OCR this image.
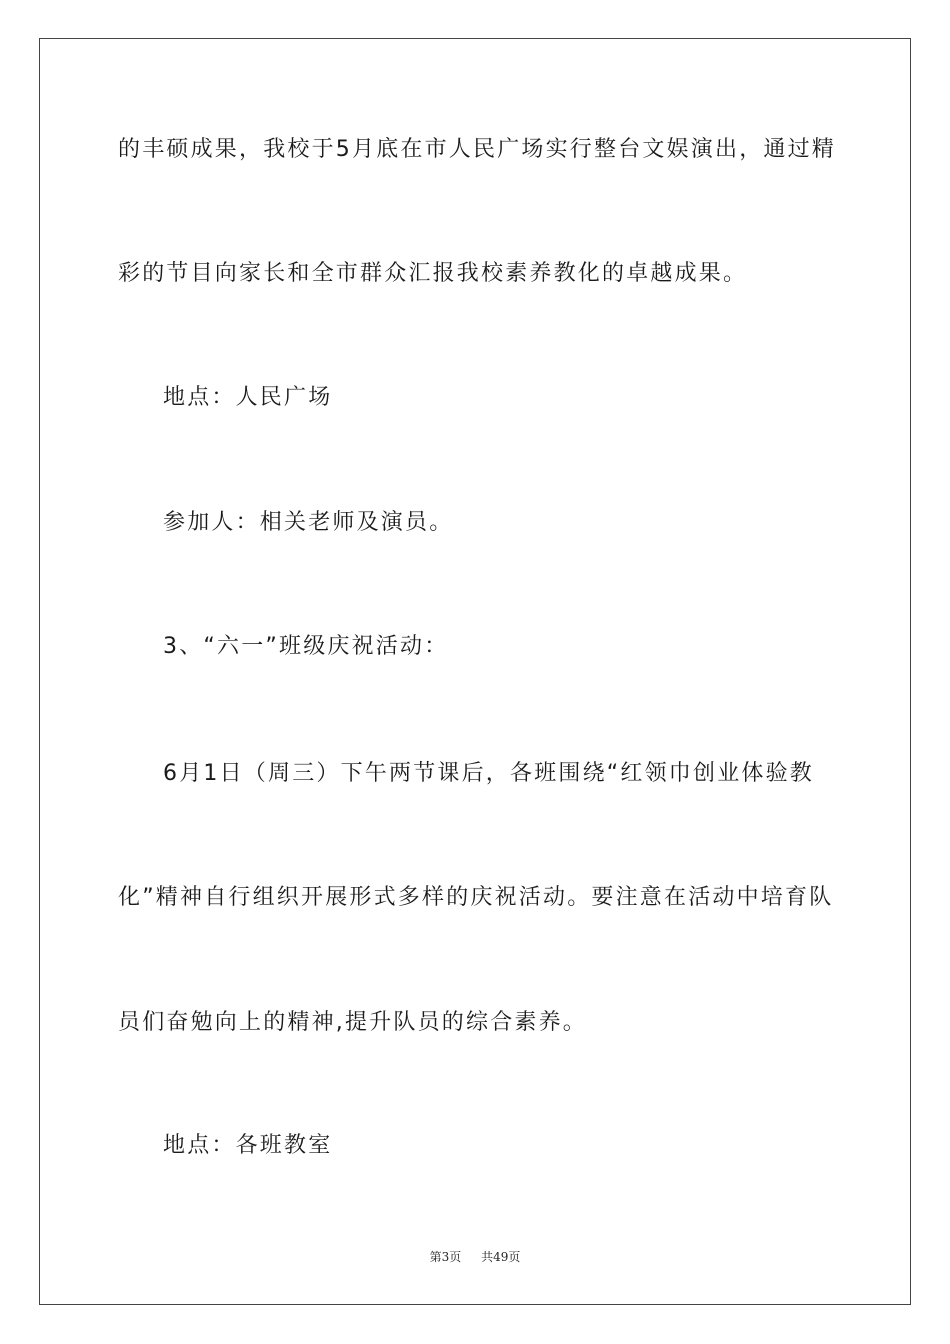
的丰硕成果，我校于5月底在市人民广场实行整台文娱演出，通过精
彩的节目向家长和全市群众汇报我校素养教化的卓越成果。
地点：人民广场
参加人：相关老师及演员。
3、“六一”班级庆祝活动：
6月1日（周三）下午两节课后，各班围绕“红领巾创业体验教
化”精神自行组织开展形式多样的庆祝活动。要注意在活动中培育队
员们奋勉向上的精神,提升队员的综合素养。
地点：各班教室
第3页 共49页
